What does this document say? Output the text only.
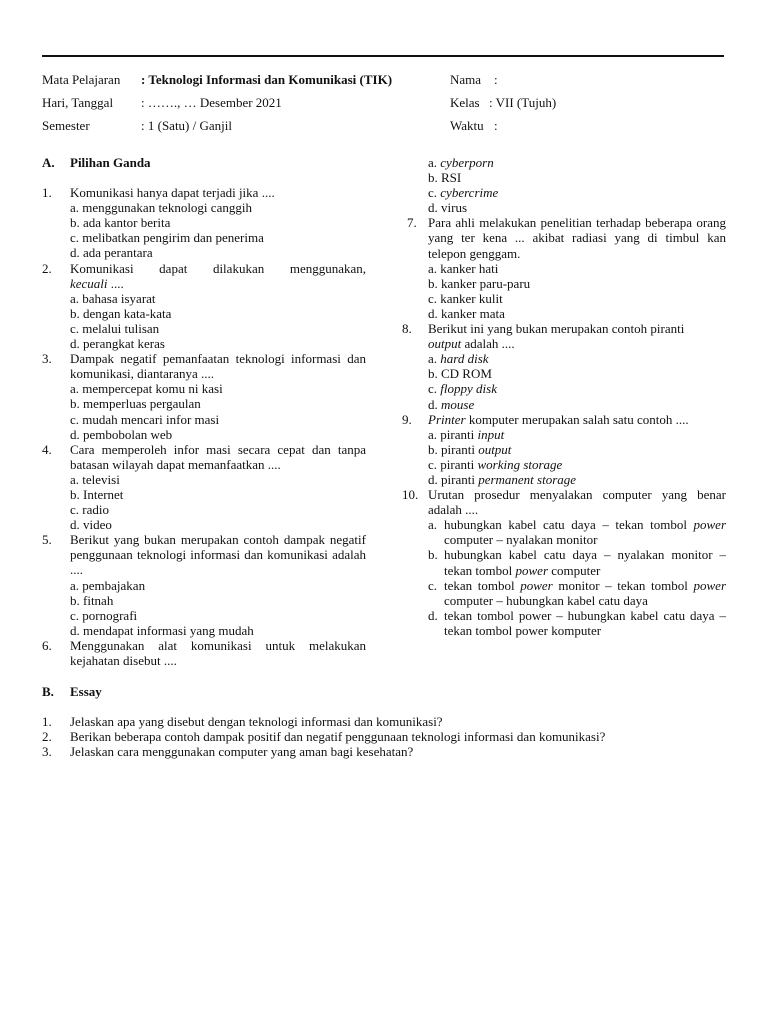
Mata Pelajaran : Teknologi Informasi dan Komunikasi (TIK)
Hari, Tanggal : ……., … Desember 2021
Semester	: 1 (Satu) / Ganjil
Nama :
Kelas : VII (Tujuh)
Waktu :
A. Pilihan Ganda
1. Komunikasi hanya dapat terjadi jika ....
a. menggunakan teknologi canggih
b. ada kantor berita
c. melibatkan pengirim dan penerima
d. ada perantara
2. Komunikasi dapat dilakukan menggunakan,
kecuali ....
a. bahasa isyarat
b. dengan kata-kata
c. melalui tulisan
d. perangkat keras
3. Dampak negatif pemanfaatan teknologi informasi dan komunikasi, diantaranya ....
a. mempercepat komu ni kasi
b. memperluas pergaulan
c. mudah mencari infor masi
d. pembobolan web
4. Cara memperoleh infor masi secara cepat dan tanpa batasan wilayah dapat memanfaatkan ....
a. televisi
b. Internet
c. radio
d. video
5. Berikut yang bukan merupakan contoh dampak negatif penggunaan teknologi informasi dan komunikasi adalah ....
a. pembajakan
b. fitnah
c. pornografi
d. mendapat informasi yang mudah
6. Menggunakan alat komunikasi untuk melakukan kejahatan disebut ....
a. cyberporn
b. RSI
c. cybercrime
d. virus
7. Para ahli melakukan penelitian terhadap beberapa orang yang ter kena ... akibat radiasi yang di timbul kan telepon genggam.
a. kanker hati
b. kanker paru-paru
c. kanker kulit
d. kanker mata
8. Berikut ini yang bukan merupakan contoh piranti
output adalah ....
a. hard disk
b. CD ROM
c. floppy disk
d. mouse
9. Printer komputer merupakan salah satu contoh ....
a. piranti input
b. piranti output
c. piranti working storage
d. piranti permanent storage
10. Urutan prosedur menyalakan computer yang benar adalah ....
a. hubungkan kabel catu daya – tekan tombol power computer – nyalakan monitor
b. hubungkan kabel catu daya – nyalakan monitor – tekan tombol power computer
c. tekan tombol power monitor – tekan tombol power computer – hubungkan kabel catu daya
d. tekan tombol power – hubungkan kabel catu daya – tekan tombol power komputer
B. Essay
1. Jelaskan apa yang disebut dengan teknologi informasi dan komunikasi?
2. Berikan beberapa contoh dampak positif dan negatif penggunaan teknologi informasi dan komunikasi?
3. Jelaskan cara menggunakan computer yang aman bagi kesehatan?
